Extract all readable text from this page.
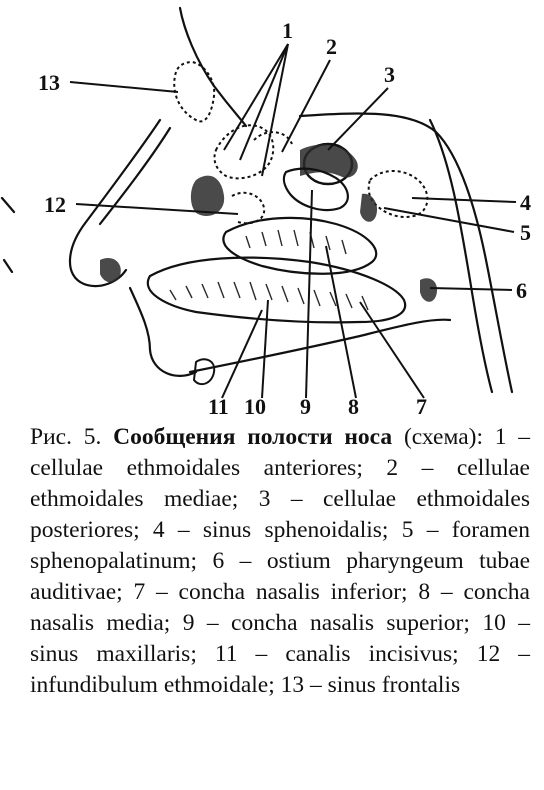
1
2
3
13
12	4
5
6
11 10 9 8	7

Рис. 5. Сообщения полости носа (схема): 1 – cellulae ethmoidales anteriores; 2 – cellulae ethmoidales mediae; 3 – cellulae ethmoidales posteriores; 4 – sinus sphenoidalis; 5 – foramen sphenopalatinum; 6 – ostium pharyngeum tubae auditivae; 7 – concha nasalis inferior; 8 – concha nasalis media; 9 – concha nasalis superior; 10 – sinus maxillaris; 11 – canalis incisivus; 12 – infundibulum ethmoidale; 13 – sinus frontalis
